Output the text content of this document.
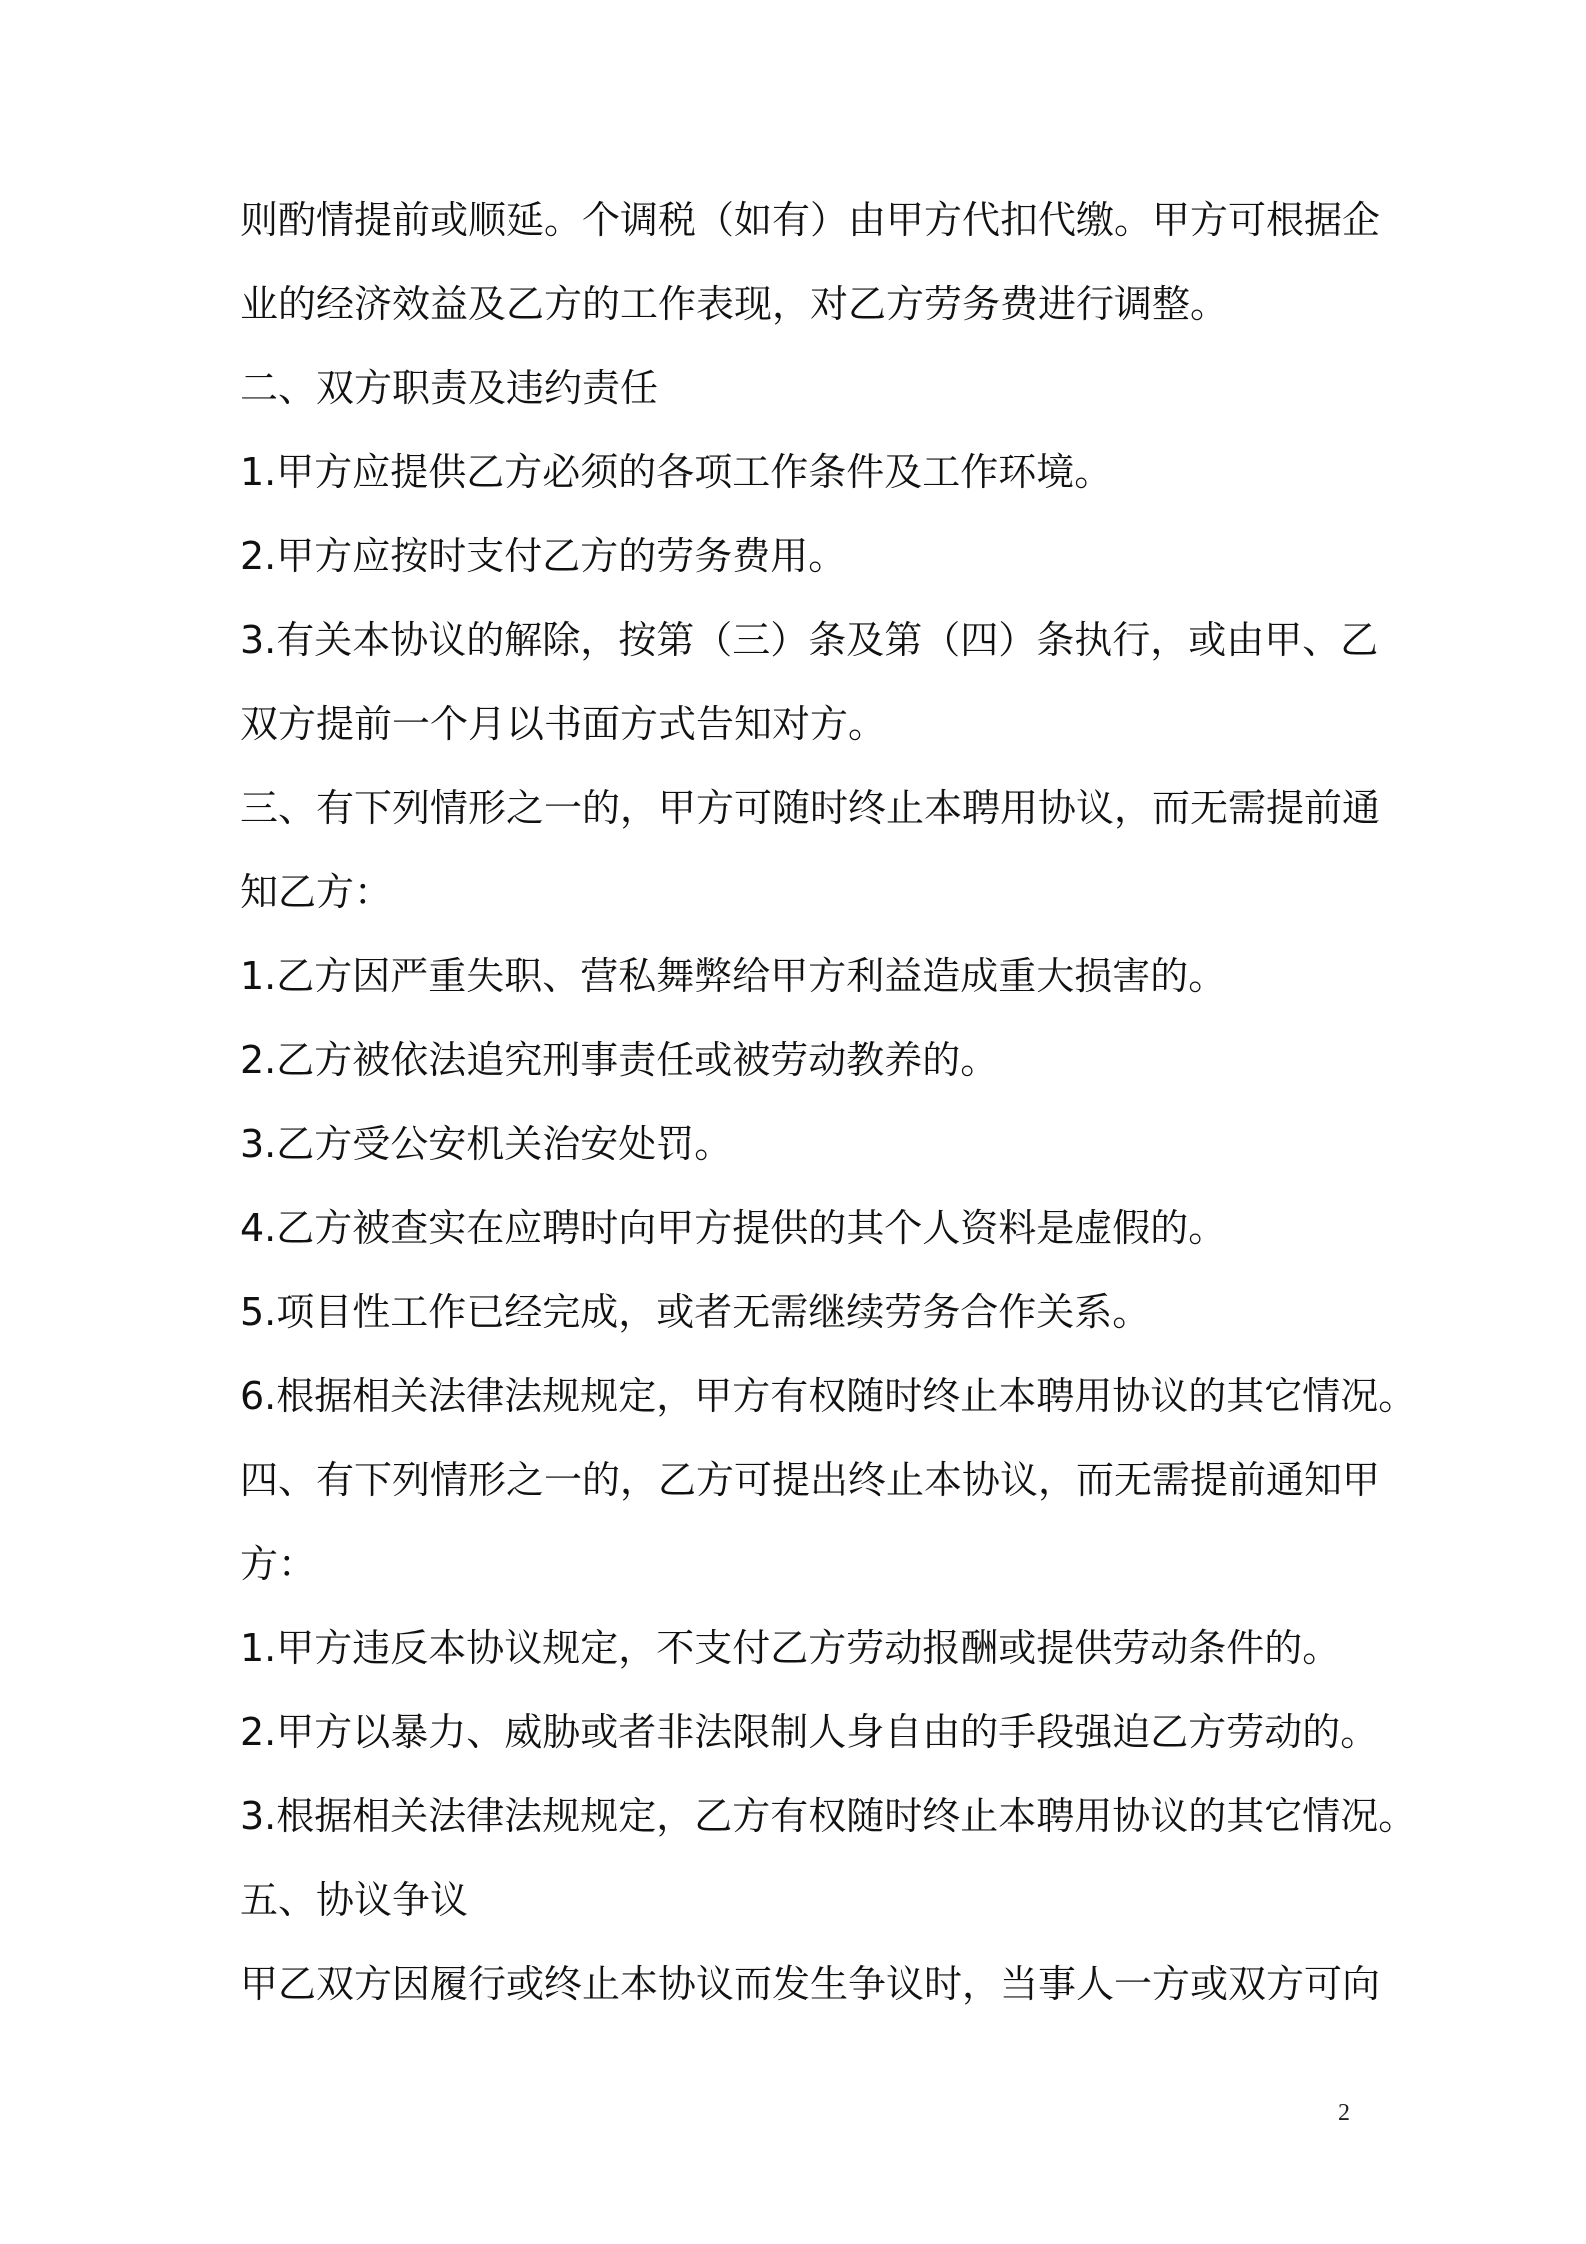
则酌情提前或顺延。个调税（如有）由甲方代扣代缴。甲方可根据企
业的经济效益及乙方的工作表现，对乙方劳务费进行调整。
二、双方职责及违约责任
1.甲方应提供乙方必须的各项工作条件及工作环境。
2.甲方应按时支付乙方的劳务费用。
3.有关本协议的解除，按第（三）条及第（四）条执行，或由甲、乙
双方提前一个月以书面方式告知对方。
三、有下列情形之一的，甲方可随时终止本聘用协议，而无需提前通
知乙方：
1.乙方因严重失职、营私舞弊给甲方利益造成重大损害的。
2.乙方被依法追究刑事责任或被劳动教养的。
3.乙方受公安机关治安处罚。
4.乙方被查实在应聘时向甲方提供的其个人资料是虚假的。
5.项目性工作已经完成，或者无需继续劳务合作关系。
6.根据相关法律法规规定，甲方有权随时终止本聘用协议的其它情况。
四、有下列情形之一的，乙方可提出终止本协议，而无需提前通知甲
方：
1.甲方违反本协议规定，不支付乙方劳动报酬或提供劳动条件的。
2.甲方以暴力、威胁或者非法限制人身自由的手段强迫乙方劳动的。
3.根据相关法律法规规定，乙方有权随时终止本聘用协议的其它情况。
五、协议争议
甲乙双方因履行或终止本协议而发生争议时，当事人一方或双方可向
2
